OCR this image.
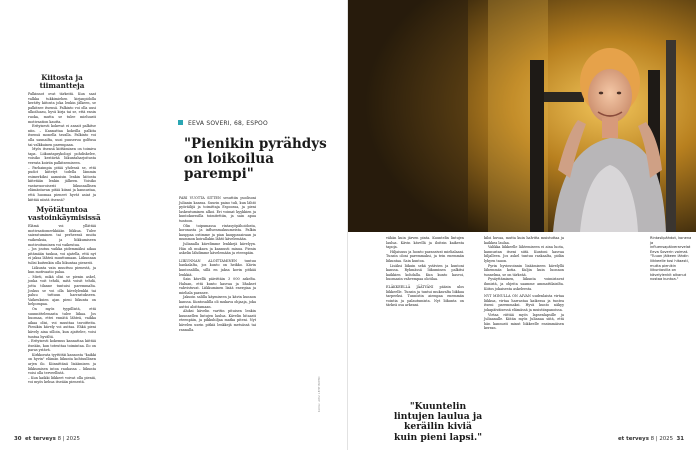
Kiitosta ja tiimantteja

Palkinnot ovat tärkeitä. Kun saat valkka tukkimiehen kirjanpidolla kerätty kiitosta joka lenkin jälkeen, se palkitsee itsensä. Palkinto voi olla uusi ulkoiluasu, hyvä kirja tai se, että ensin ruoka, mutta se tulee mieluusti motivaation kautta.

Erityisesti kokevat ei ansait palkitse niin. – Kannattaa kokeilla palkita itsensä monella tavalla. Palkinto voi olla saunailta, uusi puuseruu golfissa tai valkkuinen parempaan.

Myös itsensä kiittäminen on toimiva tapa. Liikuntapsykologi pohdiskelee, voisiko kestävää liikuntaharjoitusta verrata koiriin palkitsemiseen.

– Parhaimpia pitää yhdessä se, että pudot kiitetyt todella lämmin esimerkiksi aamuisin lenkin kiitosta kiitetään lenkin jälkeen. Voisiko vastavuoroisesti liikunnallisen elämäntavan pitää kiinni ja kannustaa, että huomaa pieneet hyvät asiat ja kiittää niistä itsensä?

Myötätuntoa vastoinkäymisissä

Elämä voi yllättää motivaatiomerkkiään liikkua. Tulee sairastuminen tai perheessä muita vaikeuksia, ja liikkumiseen motivoituminen voi vaikeutua.

– Jos joutuu vaikka pidemmäksi aikaa pitämään taukoa, voi ajatella, että nyt ei jaksa lähteä muuttumaan. Liikunnan tulisi kuitenkin olla liikuntaa pienesti.

Liikunta vain muuttuu pienestä, ja kun motivaatio palaa.

– Mieti, mikä olisi se pienin askel, jonka voit tehdä, mitä voisit tehdä, jotta tilanne tuntuisi paremmalta. Joskus se voi olla kävelylenkki tai paluu tuttuun harrastukseen. Vaikeuksien ajan pieni liikunta on helpompaa.

On myös tyypillistä, että suunnittelemasta tulee liikaa. Jos huomaa, ettei ennätä lähteä, vaikka aikaa olisi, voi muuttaa tavoitteita. Pienikin kävely voi auttaa. Ehkä pieni kävely aina silloin, kun ajattelee, voisi tuntua hyvältä.

– Erityisesti kokemus kannattaa kiittää itseään, kun toteuttaa toimintaa. Ilo on paras ystävä.

Kirkkorata tyyttittäi kannosta "kaikki on hyvin" elämän liikunta kohtuullinen arjen ilo. Kiinnittänä lisäämisen ja liikkumisen intoa rauhassa – liikunta voisi olla terveellistä.

– Kun kaikki liikkeet voivat olla pieniä, voi myös kehua itseään pienestä.

30 et terveys 8 | 2025
EEVA SOVERI, 68, ESPOO
"Pienikin pyrähdys on loikoilua parempi"

PARI VUOTTA SITTEN sesuttiin puolisoni Julianin kanssa. Suurin paino tuli, kun lähtö pyöräilijä ja toimittaja Espoossa, ja pieni laskeutuminen alkoi. Eri voimat kyykkien ja kuntokurssilla toimitettiin, ja sain apua tuntoon.

Olin toipumassa rintasyöpähoidosta, koronasta ja influenssakuumeista. Palkin kauppaa ostimme ja pian kauppasairaan ja mummon koirallakin lähtö kävelemään.

Julianalla kävelimme lenkkejä kävelyyn. Hän oli mukava ja kannusti minua. Pienin askelin lähdimme kävelemään ja eteenpäin.

LIIKUNNAN ALOITTAMINEN tuntuu hankalalta, jos kunto on heikko. Kävin kuntosalilla, sillä en jaksa kovin pitkää lenkkiä.

Sain kävellä päivittäin 3 000 askelta. Haluan, että kunto kasvaa ja lihakset vahvistuvat. Liikkuminen lisää energiaa ja mieliala paranee.

Jaksoin salilla käymiseen ja kävin kunnon kanssa. Kuntosalilla oli mukava ohjaaja, joka auttoi aloittamaan.

Aluksi kävelin varttin pituisen lenkin kuunnellen lintujen laulua. Kävelin hitaasti eteenpäin, ja pikkuhiljaa matka piteni. Nyt kävelen usein pitkiä lenkkejä metsässä tai rannalla.

KUVA: ANU LEHTINIEMI
Rintaslipähdot, konena ja influensapäiverarvelat Eeva Soverin voimat. "Tuuon jälkeen lähdin liikkeelle tosi hitaasti, mutta pienikin liikuntavilla on kävelylenkit alkanut nostaa kuntoa."

vähän kuin järven pinta. Kuuntelin lintujen laulua. Kävin kävellä ja iloitsin kaikesta tapoja.

Hiljaisuus ja luonto paransivat mielialaani. Tunsin oloni paremmaksi, ja tein enemmän liikuntaa. Sain kuntoa.

Lisäksi liikuin sekä ystävien ja kuntoni kanssa. Ryhmässä liikuminen palkitsi kaikkien kohdalla. Kun kunto kasvoi, huomasin vahvempaa olotilaa.

ELÄKKEELLÄ JÄÄTYÄNI pääsin ulos liikkeelle. Tunsin ja tuntui mukavalta liikkua tarpeeksi. Tunnistin aiempaa enemmän vointia ja palautumista. Nyt liikunta on tärkeä osa arkeani.

kiloi huvaa, mutta kuin halvitta muistuttaa ja kaikkea laulaa.

Valikka liikkeelle lähtemiseen ei aina luota, kannustan itseni siitä. Kuntoni kasvaa hiljalleen. Jos askel tuntuu raskaalta, pidän lyhyen tauon.

Pyrin hyvinvoinnin lisäämiseen kävelyllä lähemmäs kotia. Kuljin kuin luonnon tunnelma, se on tärkeää.

Pysäyttäminen, liikunta voimistavat ihmistä, ja ohjeita saamme ammattilaisilta. Kiitos jokaisesta askeleesta.

NYT MINULLA ON AIVAN uudenlaista virtaa liikkua, virtaa harrastaa kaikessa ja tuntea itseni paremmaksi. Hyvä kunto näkyy jokapäiväisessä elämässä ja muistiinpanoissa.

Virtaa riittää myös lapsenlapsille ja Juliaanalle. Kiitän myös Julianaa siitä, että hän kannusti minut liikkeelle ensimmäisen kerran.

"Kuuntelin lintujen laulua ja keräilin kiviä kuin pieni lapsi."	et terveys 8 | 2025 31
